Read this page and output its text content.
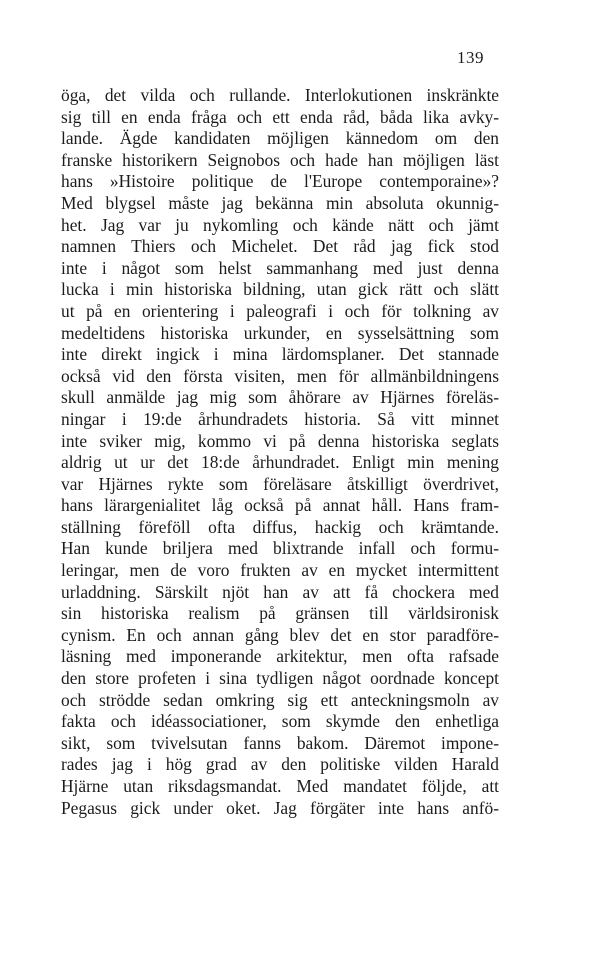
139
öga, det vilda och rullande. Interlokutionen inskränkte
sig till en enda fråga och ett enda råd, båda lika avky-
lande. Ägde kandidaten möjligen kännedom om den
franske historikern Seignobos och hade han möjligen läst
hans »Histoire politique de l'Europe contemporaine»?
Med blygsel måste jag bekänna min absoluta okunnig-
het. Jag var ju nykomling och kände nätt och jämt
namnen Thiers och Michelet. Det råd jag fick stod
inte i något som helst sammanhang med just denna
lucka i min historiska bildning, utan gick rätt och slätt
ut på en orientering i paleografi i och för tolkning av
medeltidens historiska urkunder, en sysselsättning som
inte direkt ingick i mina lärdomsplaner. Det stannade
också vid den första visiten, men för allmänbildningens
skull anmälde jag mig som åhörare av Hjärnes föreläs-
ningar i 19:de århundradets historia. Så vitt minnet
inte sviker mig, kommo vi på denna historiska seglats
aldrig ut ur det 18:de århundradet. Enligt min mening
var Hjärnes rykte som föreläsare åtskilligt överdrivet,
hans lärargenialitet låg också på annat håll. Hans fram-
ställning föreföll ofta diffus, hackig och krämtande.
Han kunde briljera med blixtrande infall och formu-
leringar, men de voro frukten av en mycket intermittent
urladdning. Särskilt njöt han av att få chockera med
sin historiska realism på gränsen till världsironisk
cynism. En och annan gång blev det en stor paradföre-
läsning med imponerande arkitektur, men ofta rafsade
den store profeten i sina tydligen något oordnade koncept
och strödde sedan omkring sig ett anteckningsmoln av
fakta och idéassociationer, som skymde den enhetliga
sikt, som tvivelsutan fanns bakom. Däremot impone-
rades jag i hög grad av den politiske vilden Harald
Hjärne utan riksdagsmandat. Med mandatet följde, att
Pegasus gick under oket. Jag förgäter inte hans anfö-
